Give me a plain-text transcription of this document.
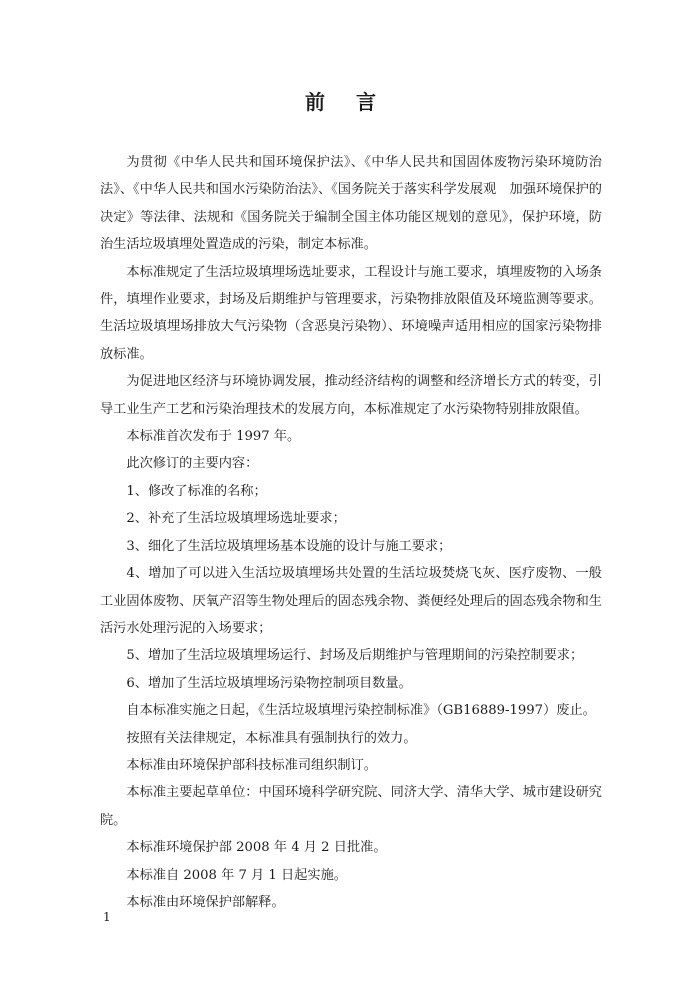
前 言

为贯彻《中华人民共和国环境保护法》、《中华人民共和国固体废物污染环境防治法》、《中华人民共和国水污染防治法》、《国务院关于落实科学发展观　加强环境保护的决定》等法律、法规和《国务院关于编制全国主体功能区规划的意见》，保护环境，防治生活垃圾填埋处置造成的污染，制定本标准。

本标准规定了生活垃圾填埋场选址要求，工程设计与施工要求，填埋废物的入场条件，填埋作业要求，封场及后期维护与管理要求，污染物排放限值及环境监测等要求。生活垃圾填埋场排放大气污染物（含恶臭污染物）、环境噪声适用相应的国家污染物排放标准。

为促进地区经济与环境协调发展，推动经济结构的调整和经济增长方式的转变，引导工业生产工艺和污染治理技术的发展方向，本标准规定了水污染物特别排放限值。

本标准首次发布于 1997 年。

此次修订的主要内容：

1、修改了标准的名称；

2、补充了生活垃圾填埋场选址要求；

3、细化了生活垃圾填埋场基本设施的设计与施工要求；

4、增加了可以进入生活垃圾填埋场共处置的生活垃圾焚烧飞灰、医疗废物、一般工业固体废物、厌氧产沼等生物处理后的固态残余物、粪便经处理后的固态残余物和生活污水处理污泥的入场要求；

5、增加了生活垃圾填埋场运行、封场及后期维护与管理期间的污染控制要求；

6、增加了生活垃圾填埋场污染物控制项目数量。

自本标准实施之日起，《生活垃圾填埋污染控制标准》（GB16889-1997）废止。

按照有关法律规定，本标准具有强制执行的效力。

本标准由环境保护部科技标准司组织制订。

本标准主要起草单位：中国环境科学研究院、同济大学、清华大学、城市建设研究院。

本标准环境保护部 2008 年 4 月 2 日批准。

本标准自 2008 年 7 月 1 日起实施。

本标准由环境保护部解释。

1
